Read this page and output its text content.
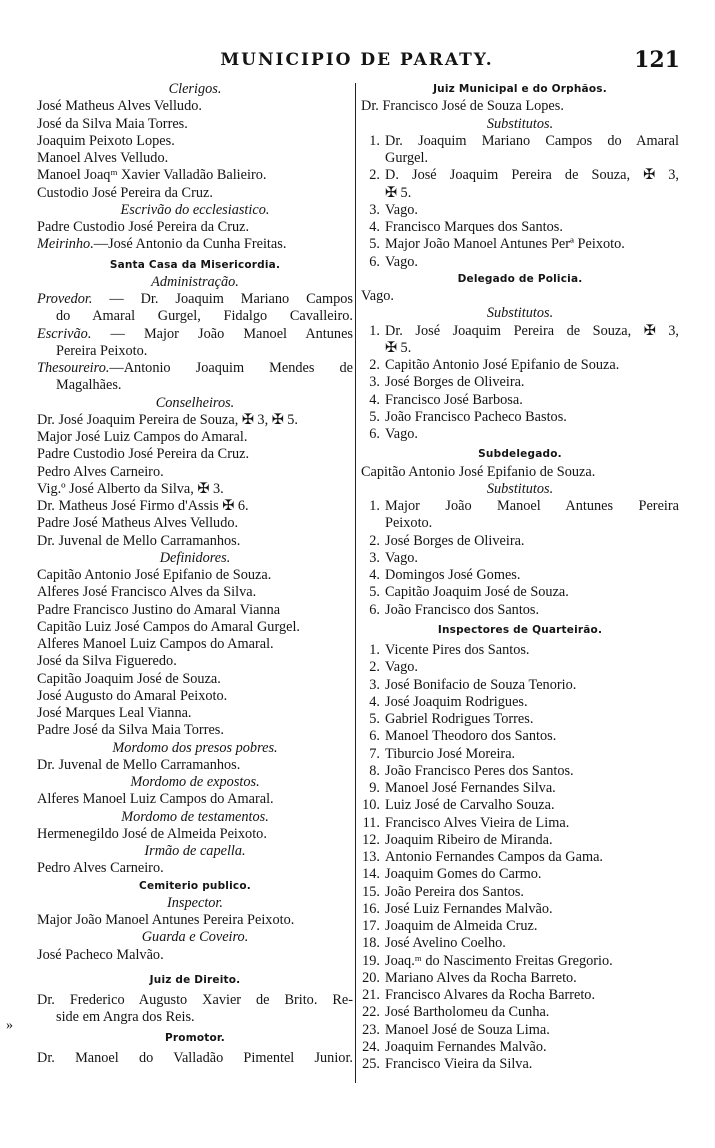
MUNICIPIO DE PARATY.	121
»
Clerigos.
José Matheus Alves Velludo.
José da Silva Maia Torres.
Joaquim Peixoto Lopes.
Manoel Alves Velludo.
Manoel Joaqᵐ Xavier Valladão Balieiro.
Custodio José Pereira da Cruz.
Escrivão do ecclesiastico.
Padre Custodio José Pereira da Cruz.
Meirinho.—José Antonio da Cunha Freitas.
Santa Casa da Misericordia.
Administração.
Provedor. — Dr. Joaquim Mariano Campos
do Amaral Gurgel, Fidalgo Cavalleiro.
Escrivão. — Major João Manoel Antunes
Pereira Peixoto.
Thesoureiro.—Antonio Joaquim Mendes de
Magalhães.
Conselheiros.
Dr. José Joaquim Pereira de Souza, ✠ 3, ✠ 5.
Major José Luiz Campos do Amaral.
Padre Custodio José Pereira da Cruz.
Pedro Alves Carneiro.
Vig.º José Alberto da Silva, ✠ 3.
Dr. Matheus José Firmo d'Assis ✠ 6.
Padre José Matheus Alves Velludo.
Dr. Juvenal de Mello Carramanhos.
Definidores.
Capitão Antonio José Epifanio de Souza.
Alferes José Francisco Alves da Silva.
Padre Francisco Justino do Amaral Vianna
Capitão Luiz José Campos do Amaral Gurgel.
Alferes Manoel Luiz Campos do Amaral.
José da Silva Figueredo.
Capitão Joaquim José de Souza.
José Augusto do Amaral Peixoto.
José Marques Leal Vianna.
Padre José da Silva Maia Torres.
Mordomo dos presos pobres.
Dr. Juvenal de Mello Carramanhos.
Mordomo de expostos.
Alferes Manoel Luiz Campos do Amaral.
Mordomo de testamentos.
Hermenegildo José de Almeida Peixoto.
Irmão de capella.
Pedro Alves Carneiro.
Cemiterio publico.
Inspector.
Major João Manoel Antunes Pereira Peixoto.
Guarda e Coveiro.
José Pacheco Malvão.
Juiz de Direito.
Dr. Frederico Augusto Xavier de Brito. Re-
side em Angra dos Reis.
Promotor.
Dr. Manoel do Valladão Pimentel Junior.
Juiz Municipal e do Orphãos.
Dr. Francisco José de Souza Lopes.
Substitutos.
1. Dr. Joaquim Mariano Campos do Amaral
Gurgel.
2. D. José Joaquim Pereira de Souza, ✠ 3,
✠ 5.
3. Vago.
4. Francisco Marques dos Santos.
5. Major João Manoel Antunes Perª Peixoto.
6. Vago.
Delegado de Policia.
Vago.
Substitutos.
1. Dr. José Joaquim Pereira de Souza, ✠ 3,
✠ 5.
2. Capitão Antonio José Epifanio de Souza.
3. José Borges de Oliveira.
4. Francisco José Barbosa.
5. João Francisco Pacheco Bastos.
6. Vago.
Subdelegado.
Capitão Antonio José Epifanio de Souza.
Substitutos.
1. Major João Manoel Antunes Pereira
Peixoto.
2. José Borges de Oliveira.
3. Vago.
4. Domingos José Gomes.
5. Capitão Joaquim José de Souza.
6. João Francisco dos Santos.
Inspectores de Quarteirão.
1. Vicente Pires dos Santos.
2. Vago.
3. José Bonifacio de Souza Tenorio.
4. José Joaquim Rodrigues.
5. Gabriel Rodrigues Torres.
6. Manoel Theodoro dos Santos.
7. Tiburcio José Moreira.
8. João Francisco Peres dos Santos.
9. Manoel José Fernandes Silva.
10. Luiz José de Carvalho Souza.
11. Francisco Alves Vieira de Lima.
12. Joaquim Ribeiro de Miranda.
13. Antonio Fernandes Campos da Gama.
14. Joaquim Gomes do Carmo.
15. João Pereira dos Santos.
16. José Luiz Fernandes Malvão.
17. Joaquim de Almeida Cruz.
18. José Avelino Coelho.
19. Joaq.ᵐ do Nascimento Freitas Gregorio.
20. Mariano Alves da Rocha Barreto.
21. Francisco Alvares da Rocha Barreto.
22. José Bartholomeu da Cunha.
23. Manoel José de Souza Lima.
24. Joaquim Fernandes Malvão.
25. Francisco Vieira da Silva.
